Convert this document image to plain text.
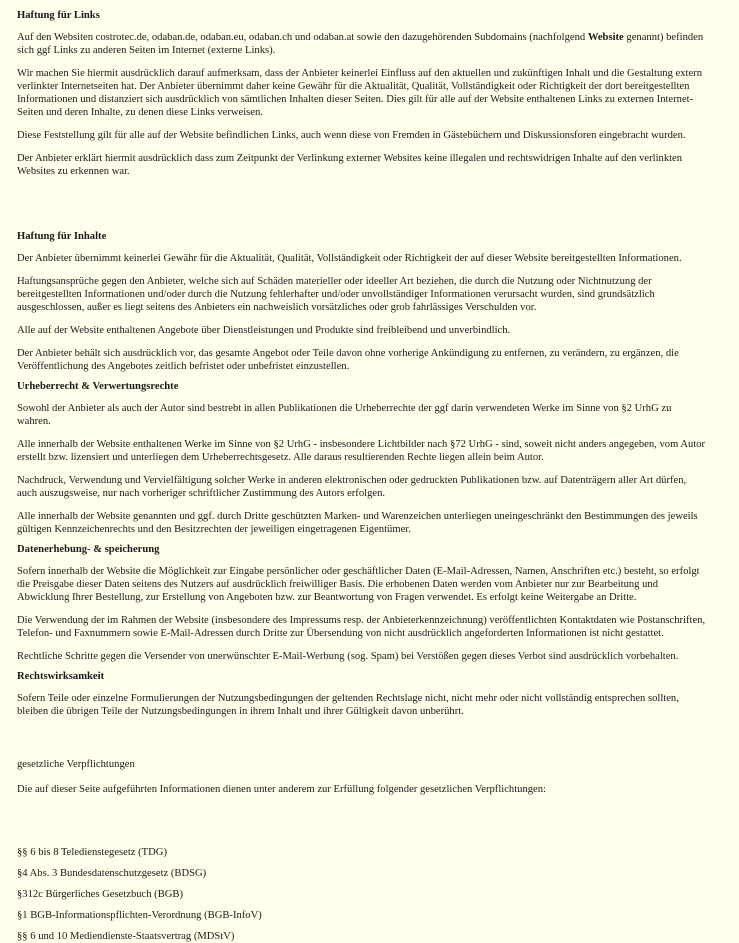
Haftung für Links

Auf den Websiten costrotec.de, odaban.de, odaban.eu, odaban.ch und odaban.at sowie den dazugehörenden Subdomains (nachfolgend Website genannt) befinden sich ggf Links zu anderen Seiten im Internet (externe Links).

Wir machen Sie hiermit ausdrücklich darauf aufmerksam, dass der Anbieter keinerlei Einfluss auf den aktuellen und zukünftigen Inhalt und die Gestaltung extern verlinkter Internetseiten hat. Der Anbieter übernimmt daher keine Gewähr für die Aktualität, Qualität, Vollständigkeit oder Richtigkeit der dort bereitgestellten Informationen und distanziert sich ausdrücklich von sämtlichen Inhalten dieser Seiten. Dies gilt für alle auf der Website enthaltenen Links zu externen Internet-Seiten und deren Inhalte, zu denen diese Links verweisen.

Diese Feststellung gilt für alle auf der Website befindlichen Links, auch wenn diese von Fremden in Gästebüchern und Diskussionsforen eingebracht wurden.

Der Anbieter erklärt hiermit ausdrücklich dass zum Zeitpunkt der Verlinkung externer Websites keine illegalen und rechtswidrigen Inhalte auf den verlinkten Websites zu erkennen war.

Haftung für Inhalte

Der Anbieter übernimmt keinerlei Gewähr für die Aktualität, Qualität, Vollständigkeit oder Richtigkeit der auf dieser Website bereitgestellten Informationen.

Haftungsansprüche gegen den Anbieter, welche sich auf Schäden materieller oder ideeller Art beziehen, die durch die Nutzung oder Nichtnutzung der bereitgestellten Informationen und/oder durch die Nutzung fehlerhafter und/oder unvollständiger Informationen verursacht wurden, sind grundsätzlich ausgeschlossen, außer es liegt seitens des Anbieters ein nachweislich vorsätzliches oder grob fahrlässiges Verschulden vor.

Alle auf der Website enthaltenen Angebote über Dienstleistungen und Produkte sind freibleibend und unverbindlich.

Der Anbieter behält sich ausdrücklich vor, das gesamte Angebot oder Teile davon ohne vorherige Ankündigung zu entfernen, zu verändern, zu ergänzen, die Veröffentlichung des Angebotes zeitlich befristet oder unbefristet einzustellen.

Urheberrecht & Verwertungsrechte

Sowohl der Anbieter als auch der Autor sind bestrebt in allen Publikationen die Urheberrechte der ggf darin verwendeten Werke im Sinne von §2 UrhG zu wahren.

Alle innerhalb der Website enthaltenen Werke im Sinne von §2 UrhG - insbesondere Lichtbilder nach §72 UrhG - sind, soweit nicht anders angegeben, vom Autor erstellt bzw. lizensiert und unterliegen dem Urheberrechtsgesetz. Alle daraus resultierenden Rechte liegen allein beim Autor.

Nachdruck, Verwendung und Vervielfältigung solcher Werke in anderen elektronischen oder gedruckten Publikationen bzw. auf Datenträgern aller Art dürfen, auch auszugsweise, nur nach vorheriger schriftlicher Zustimmung des Autors erfolgen.

Alle innerhalb der Website genannten und ggf. durch Dritte geschützten Marken- und Warenzeichen unterliegen uneingeschränkt den Bestimmungen des jeweils gültigen Kennzeichenrechts und den Besitzrechten der jeweiligen eingetragenen Eigentümer.

Datenerhebung- & speicherung

Sofern innerhalb der Website die Möglichkeit zur Eingabe persönlicher oder geschäftlicher Daten (E-Mail-Adressen, Namen, Anschriften etc.) besteht, so erfolgt die Preisgabe dieser Daten seitens des Nutzers auf ausdrücklich freiwilliger Basis. Die erhobenen Daten werden vom Anbieter nur zur Bearbeitung und Abwicklung Ihrer Bestellung, zur Erstellung von Angeboten bzw. zur Beantwortung von Fragen verwendet. Es erfolgt keine Weitergabe an Dritte.

Die Verwendung der im Rahmen der Website (insbesondere des Impressums resp. der Anbieterkennzeichnung) veröffentlichten Kontaktdaten wie Postanschriften, Telefon- und Faxnummern sowie E-Mail-Adressen durch Dritte zur Übersendung von nicht ausdrücklich angeforderten Informationen ist nicht gestattet.

Rechtliche Schritte gegen die Versender von unerwünschter E-Mail-Werbung (sog. Spam) bei Verstößen gegen dieses Verbot sind ausdrücklich vorbehalten.

Rechtswirksamkeit

Sofern Teile oder einzelne Formulierungen der Nutzungsbedingungen der geltenden Rechtslage nicht, nicht mehr oder nicht vollständig entsprechen sollten, bleiben die übrigen Teile der Nutzungsbedingungen in ihrem Inhalt und ihrer Gültigkeit davon unberührt.

gesetzliche Verpflichtungen

Die auf dieser Seite aufgeführten Informationen dienen unter anderem zur Erfüllung folgender gesetzlichen Verpflichtungen:

§§ 6 bis 8 Teledienstegesetz (TDG)
§4 Abs. 3 Bundesdatenschutzgesetz (BDSG)
§312c Bürgerliches Gesetzbuch (BGB)
§1 BGB-Informationspflichten-Verordnung (BGB-InfoV)
§§ 6 und 10 Mediendienste-Staatsvertrag (MDStV)
